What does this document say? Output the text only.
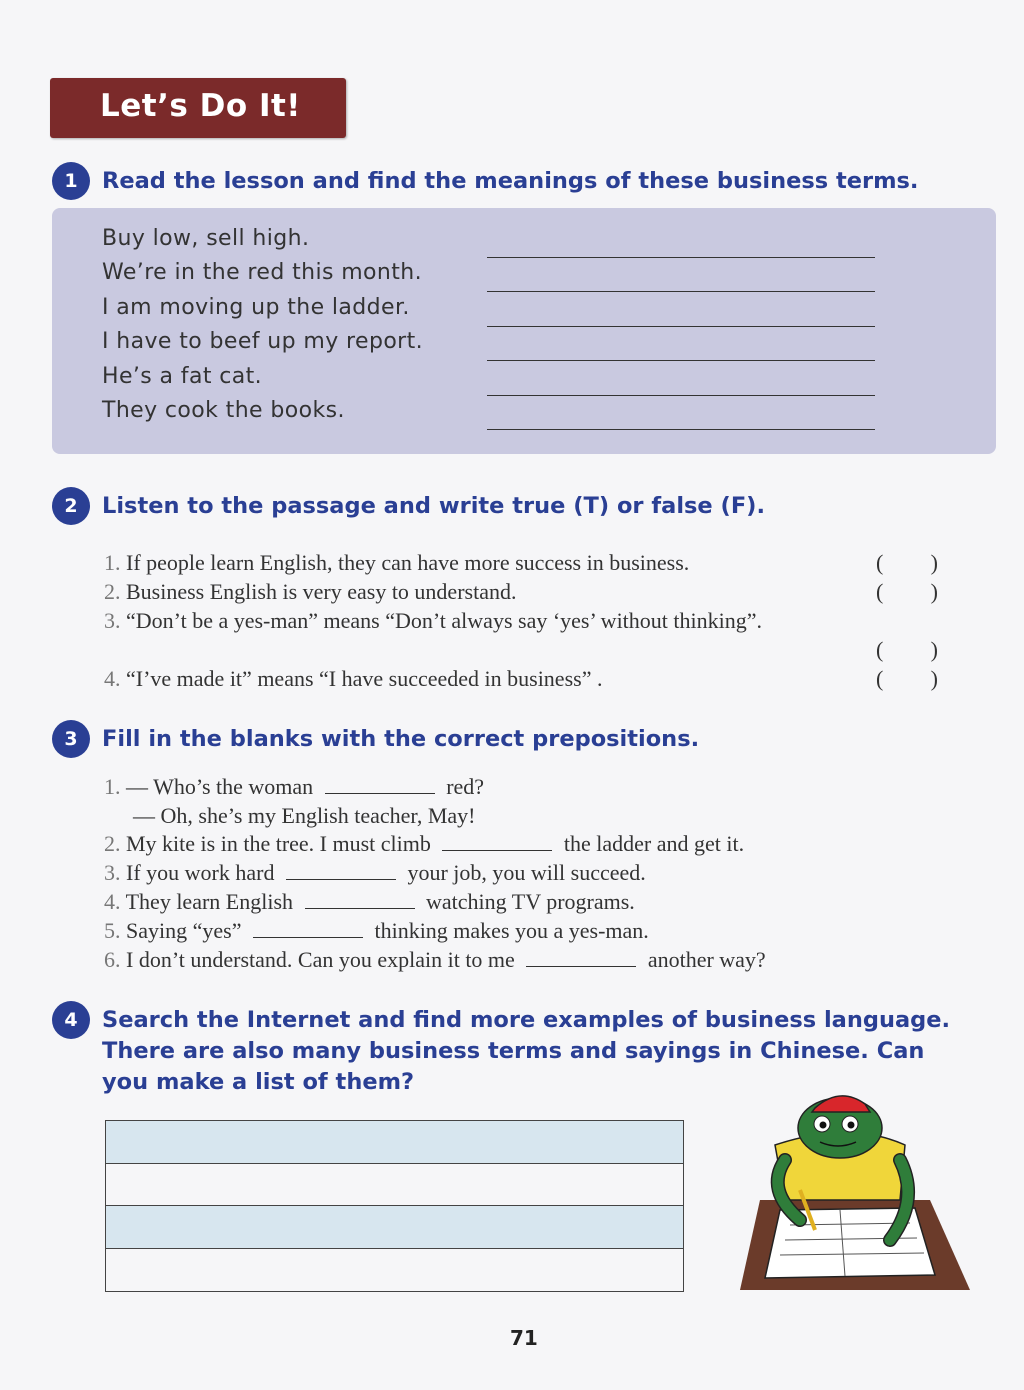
Let’s Do It!
1	Read the lesson and find the meanings of these business terms.

Buy low, sell high.
We’re in the red this month.
I am moving up the ladder.
I have to beef up my report.
He’s a fat cat.
They cook the books.
2	Listen to the passage and write true (T) or false (F).

1. If people learn English, they can have more success in business.	( )
2. Business English is very easy to understand.	( )
3. “Don’t be a yes-man” means “Don’t always say ‘yes’ without thinking”.
( )
4. “I’ve made it” means “I have succeeded in business” .	( )
3	Fill in the blanks with the correct prepositions.

1. — Who’s the woman	red?
— Oh, she’s my English teacher, May!
2. My kite is in the tree. I must climb	the ladder and get it.
3. If you work hard	your job, you will succeed.
4. They learn English	watching TV programs.
5. Saying “yes”	thinking makes you a yes-man.
6. I don’t understand. Can you explain it to me	another way?
4	Search the Internet and find more examples of business language.

There are also many business terms and sayings in Chinese. Can

you make a list of them?

71
